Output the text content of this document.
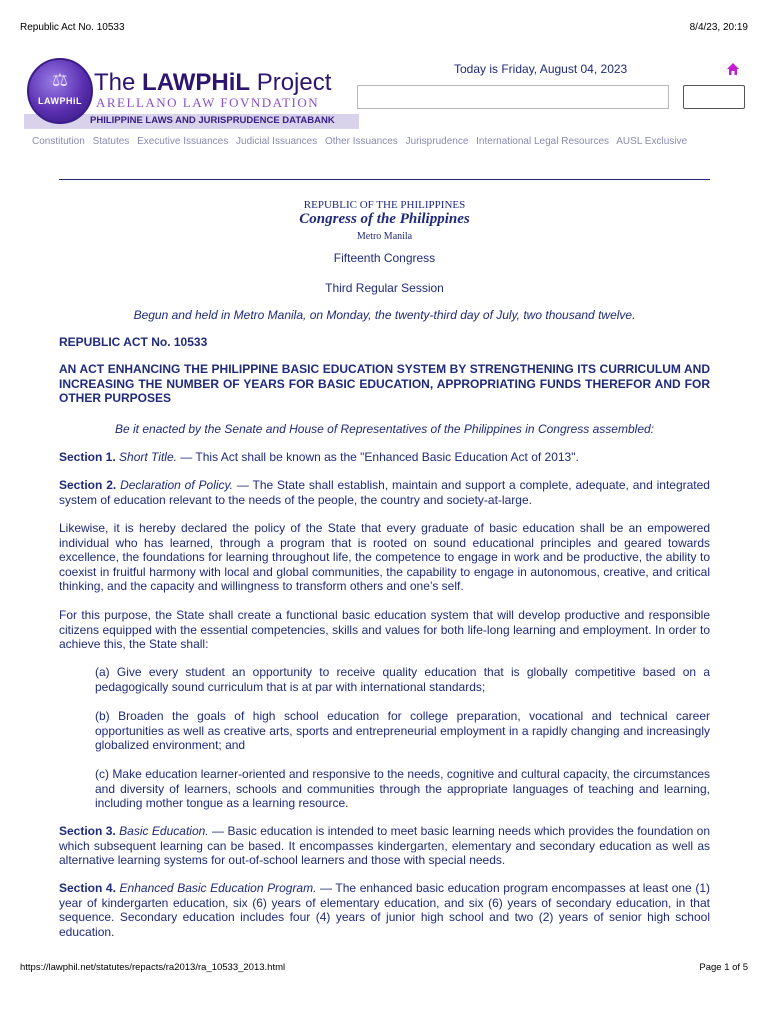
Republic Act No. 10533	8/4/23, 20:19
PHILIPPINE LAWS AND JURISPRUDENCE DATABANK
⚖
LAWPHiL
The LAWPHiL Project
ARELLANO LAW FOVNDATION
Today is Friday, August 04, 2023
Constitution Statutes Executive Issuances Judicial Issuances Other Issuances Jurisprudence International Legal Resources AUSL Exclusive
REPUBLIC OF THE PHILIPPINES
Congress of the Philippines
Metro Manila
Fifteenth Congress
Third Regular Session
Begun and held in Metro Manila, on Monday, the twenty-third day of July, two thousand twelve.
REPUBLIC ACT No. 10533
AN ACT ENHANCING THE PHILIPPINE BASIC EDUCATION SYSTEM BY STRENGTHENING ITS CURRICULUM AND INCREASING THE NUMBER OF YEARS FOR BASIC EDUCATION, APPROPRIATING FUNDS THEREFOR AND FOR OTHER PURPOSES
Be it enacted by the Senate and House of Representatives of the Philippines in Congress assembled:
Section 1. Short Title. — This Act shall be known as the "Enhanced Basic Education Act of 2013".
Section 2. Declaration of Policy. — The State shall establish, maintain and support a complete, adequate, and integrated system of education relevant to the needs of the people, the country and society-at-large.
Likewise, it is hereby declared the policy of the State that every graduate of basic education shall be an empowered individual who has learned, through a program that is rooted on sound educational principles and geared towards excellence, the foundations for learning throughout life, the competence to engage in work and be productive, the ability to coexist in fruitful harmony with local and global communities, the capability to engage in autonomous, creative, and critical thinking, and the capacity and willingness to transform others and one’s self.
For this purpose, the State shall create a functional basic education system that will develop productive and responsible citizens equipped with the essential competencies, skills and values for both life-long learning and employment. In order to achieve this, the State shall:
(a) Give every student an opportunity to receive quality education that is globally competitive based on a pedagogically sound curriculum that is at par with international standards;
(b) Broaden the goals of high school education for college preparation, vocational and technical career opportunities as well as creative arts, sports and entrepreneurial employment in a rapidly changing and increasingly globalized environment; and
(c) Make education learner-oriented and responsive to the needs, cognitive and cultural capacity, the circumstances and diversity of learners, schools and communities through the appropriate languages of teaching and learning, including mother tongue as a learning resource.
Section 3. Basic Education. — Basic education is intended to meet basic learning needs which provides the foundation on which subsequent learning can be based. It encompasses kindergarten, elementary and secondary education as well as alternative learning systems for out-of-school learners and those with special needs.
Section 4. Enhanced Basic Education Program. — The enhanced basic education program encompasses at least one (1) year of kindergarten education, six (6) years of elementary education, and six (6) years of secondary education, in that sequence. Secondary education includes four (4) years of junior high school and two (2) years of senior high school education.
https://lawphil.net/statutes/repacts/ra2013/ra_10533_2013.html	Page 1 of 5
